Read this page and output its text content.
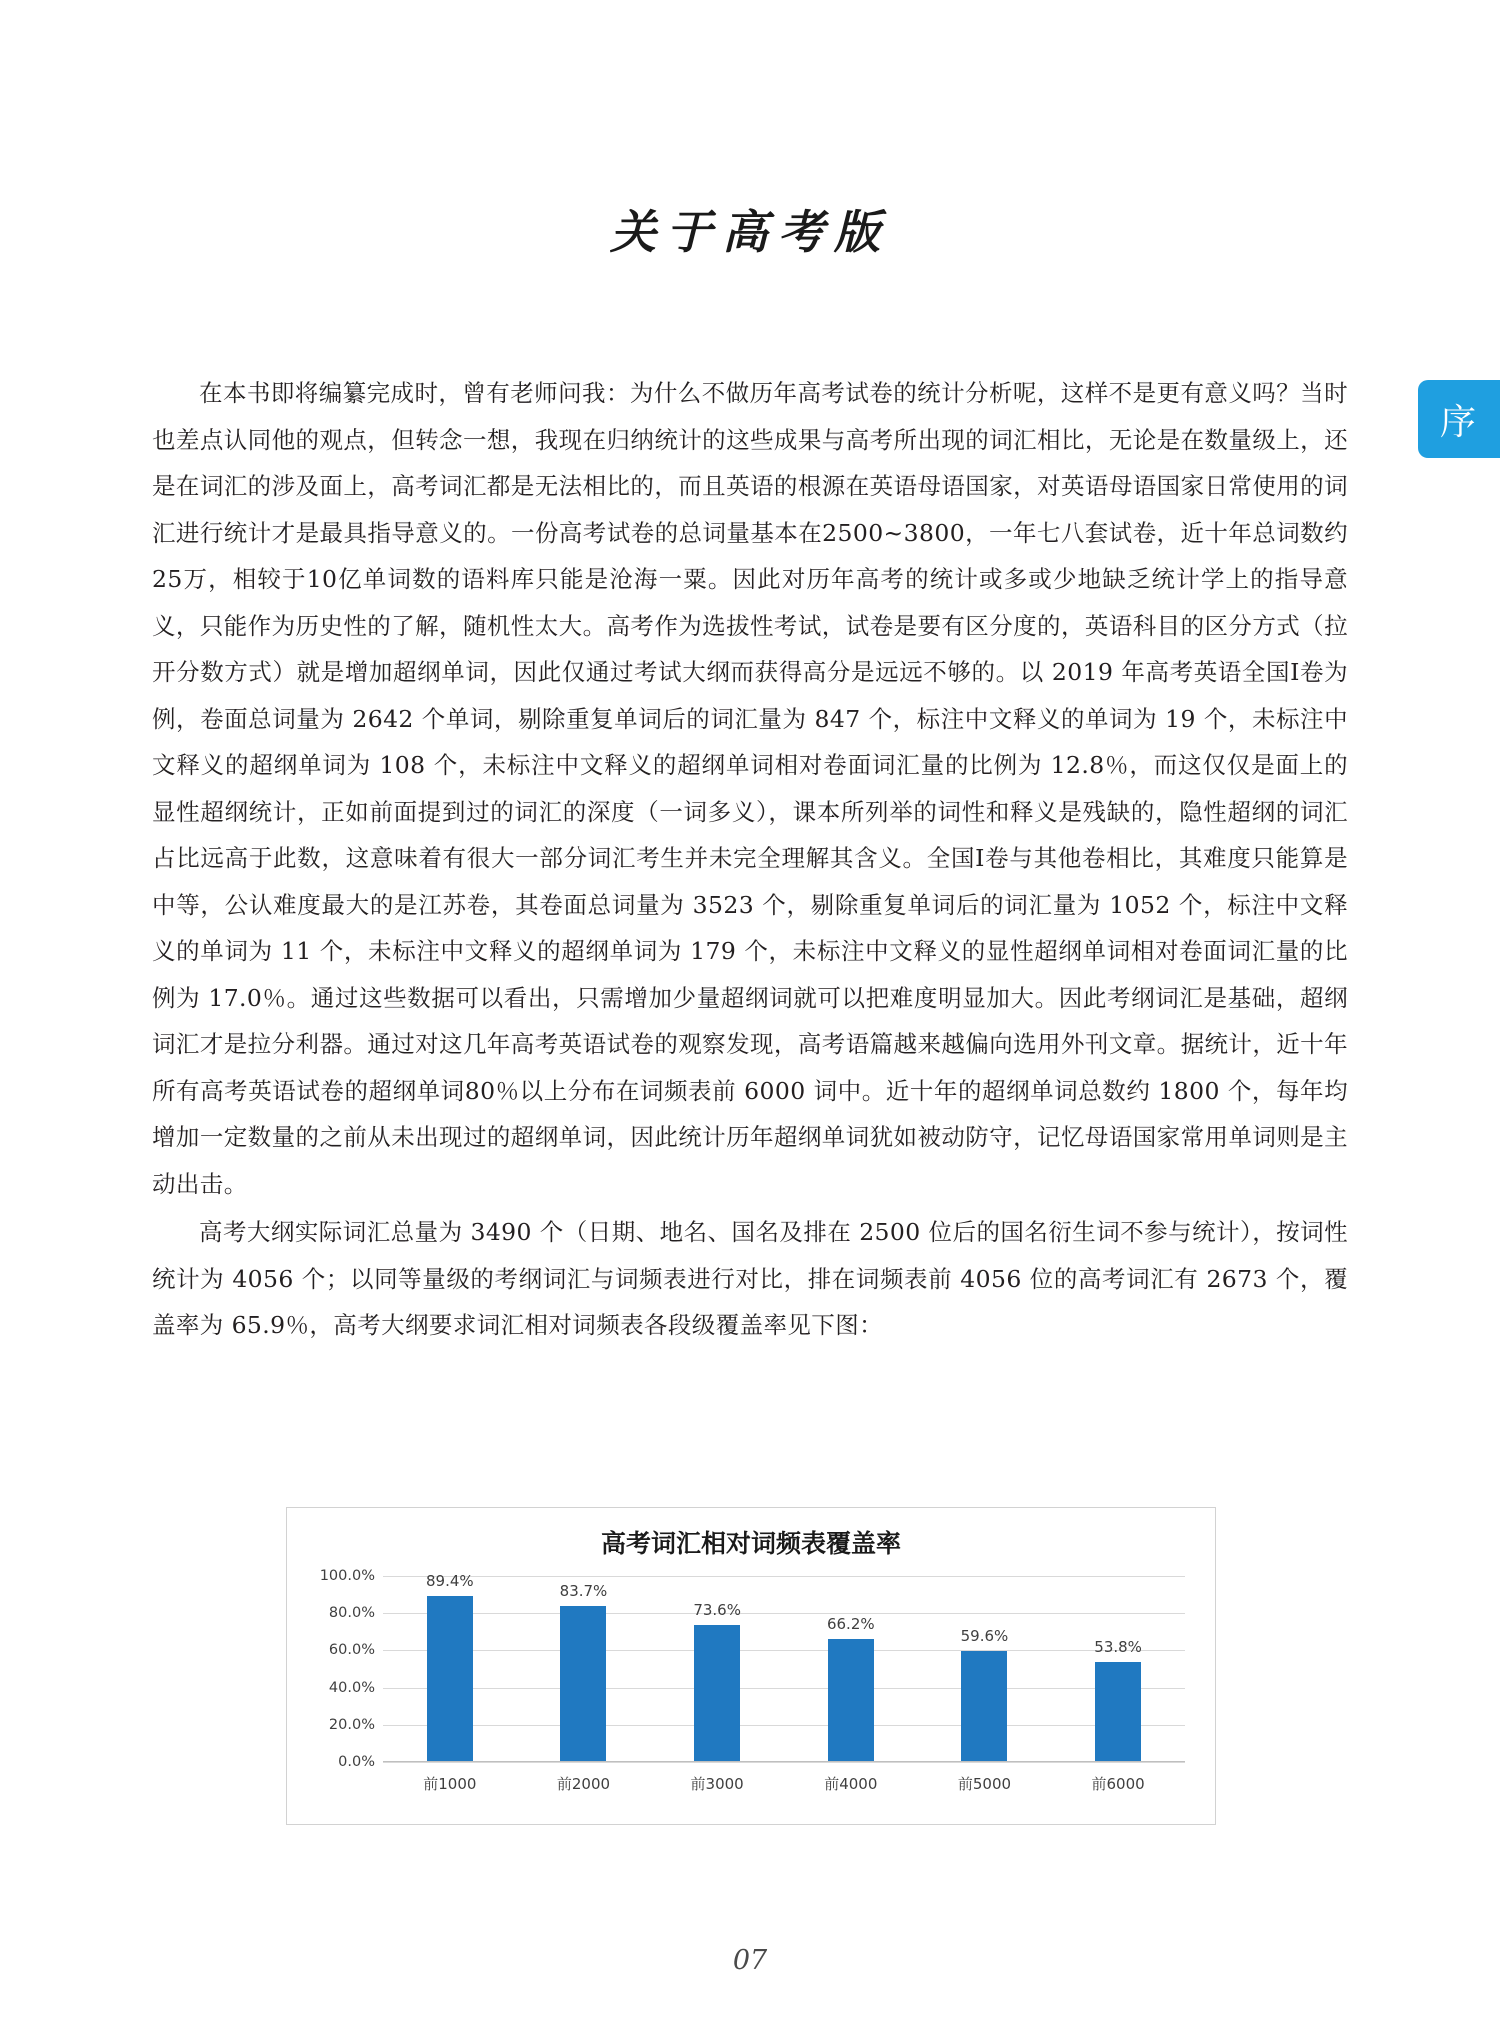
序
关于高考版

在本书即将编纂完成时，曾有老师问我：为什么不做历年高考试卷的统计分析呢，这样不是更有意义吗？当时也差点认同他的观点，但转念一想，我现在归纳统计的这些成果与高考所出现的词汇相比，无论是在数量级上，还是在词汇的涉及面上，高考词汇都是无法相比的，而且英语的根源在英语母语国家，对英语母语国家日常使用的词汇进行统计才是最具指导意义的。一份高考试卷的总词量基本在2500~3800，一年七八套试卷，近十年总词数约25万，相较于10亿单词数的语料库只能是沧海一粟。因此对历年高考的统计或多或少地缺乏统计学上的指导意义，只能作为历史性的了解，随机性太大。高考作为选拔性考试，试卷是要有区分度的，英语科目的区分方式（拉开分数方式）就是增加超纲单词，因此仅通过考试大纲而获得高分是远远不够的。以 2019 年高考英语全国Ⅰ卷为例，卷面总词量为 2642 个单词，剔除重复单词后的词汇量为 847 个，标注中文释义的单词为 19 个，未标注中文释义的超纲单词为 108 个，未标注中文释义的超纲单词相对卷面词汇量的比例为 12.8％，而这仅仅是面上的显性超纲统计，正如前面提到过的词汇的深度（一词多义），课本所列举的词性和释义是残缺的，隐性超纲的词汇占比远高于此数，这意味着有很大一部分词汇考生并未完全理解其含义。全国Ⅰ卷与其他卷相比，其难度只能算是中等，公认难度最大的是江苏卷，其卷面总词量为 3523 个，剔除重复单词后的词汇量为 1052 个，标注中文释义的单词为 11 个，未标注中文释义的超纲单词为 179 个，未标注中文释义的显性超纲单词相对卷面词汇量的比例为 17.0％。通过这些数据可以看出，只需增加少量超纲词就可以把难度明显加大。因此考纲词汇是基础，超纲词汇才是拉分利器。通过对这几年高考英语试卷的观察发现，高考语篇越来越偏向选用外刊文章。据统计，近十年所有高考英语试卷的超纲单词80％以上分布在词频表前 6000 词中。近十年的超纲单词总数约 1800 个，每年均增加一定数量的之前从未出现过的超纲单词，因此统计历年超纲单词犹如被动防守，记忆母语国家常用单词则是主动出击。

高考大纲实际词汇总量为 3490 个（日期、地名、国名及排在 2500 位后的国名衍生词不参与统计），按词性统计为 4056 个；以同等量级的考纲词汇与词频表进行对比，排在词频表前 4056 位的高考词汇有 2673 个，覆盖率为 65.9％，高考大纲要求词汇相对词频表各段级覆盖率见下图：

高考词汇相对词频表覆盖率
100.0%
80.0%
60.0%
40.0%
20.0%
0.0%
89.4%
83.7%
73.6%
66.2%
59.6%
53.8%
前1000	前2000	前3000	前4000	前5000	前6000
07
